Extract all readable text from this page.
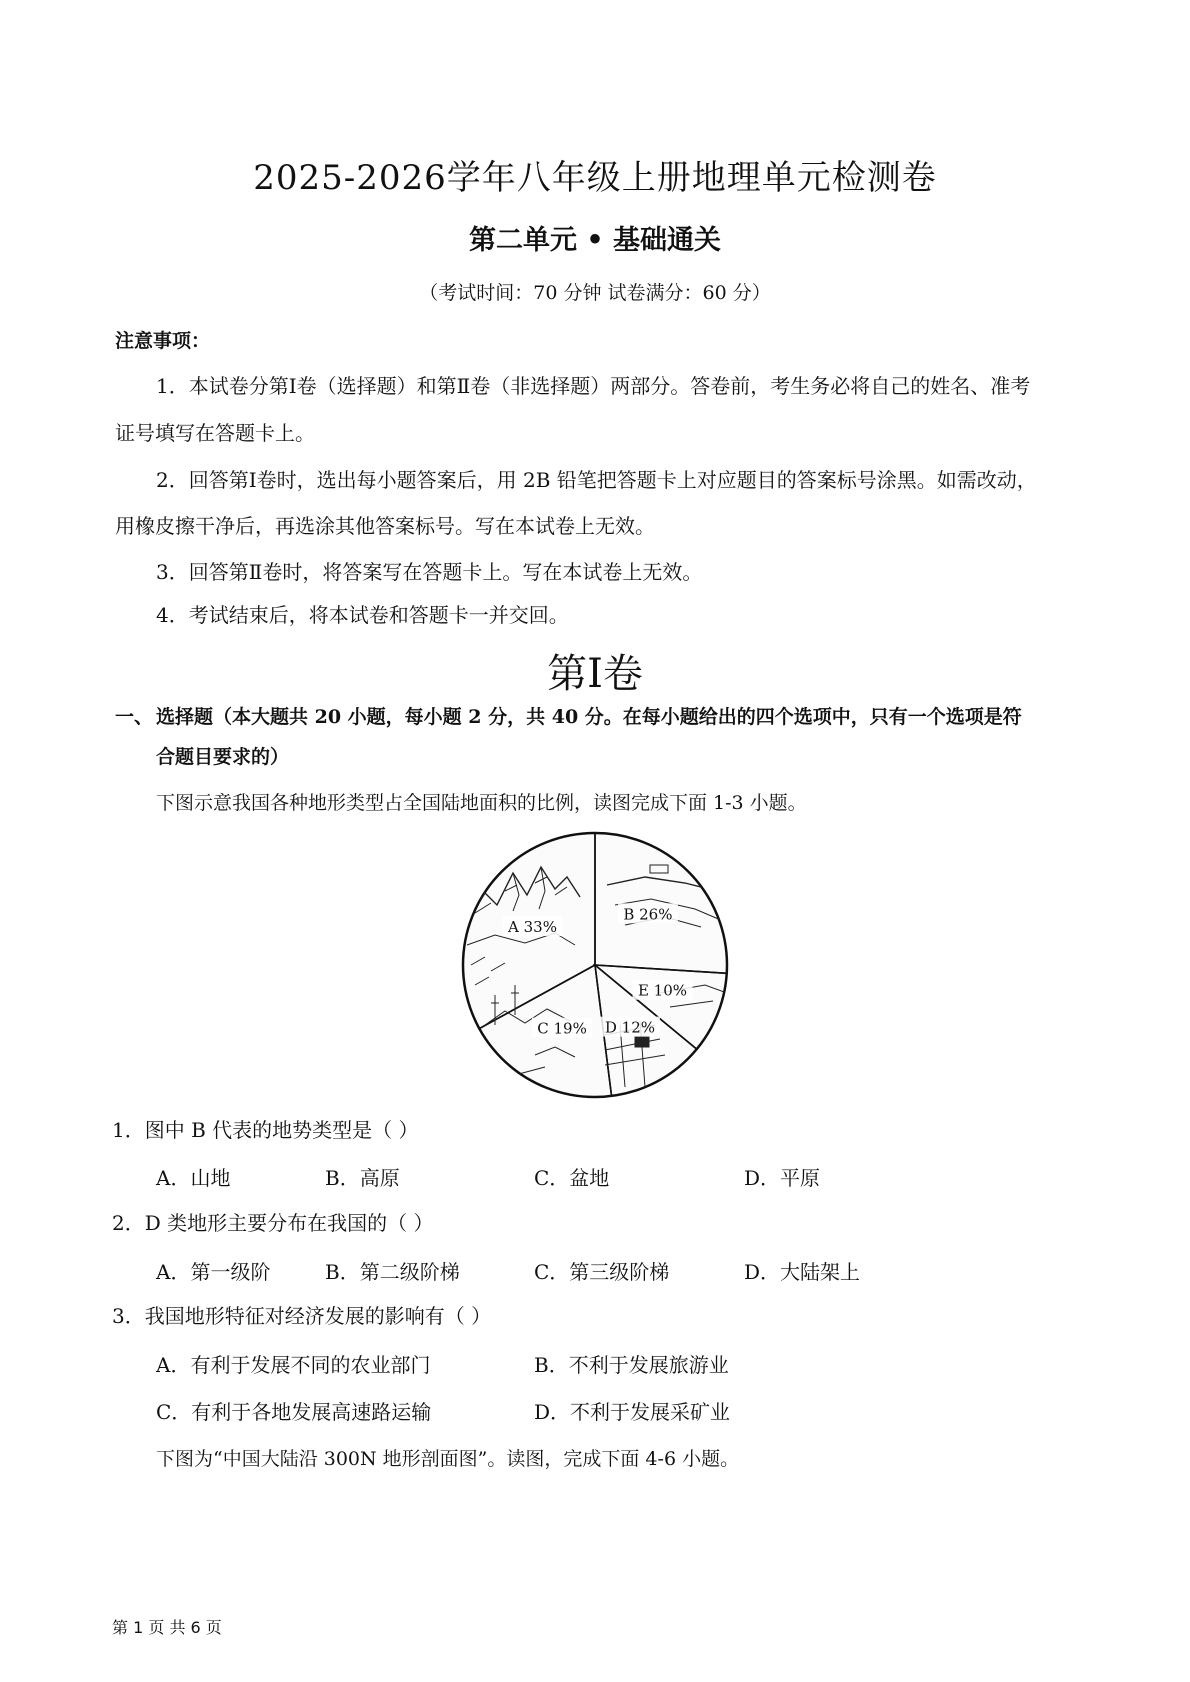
2025-2026学年八年级上册地理单元检测卷
第二单元 • 基础通关
（考试时间：70 分钟 试卷满分：60 分）
注意事项：
1．本试卷分第Ⅰ卷（选择题）和第Ⅱ卷（非选择题）两部分。答卷前，考生务必将自己的姓名、准考
证号填写在答题卡上。
2．回答第Ⅰ卷时，选出每小题答案后，用 2B 铅笔把答题卡上对应题目的答案标号涂黑。如需改动，
用橡皮擦干净后，再选涂其他答案标号。写在本试卷上无效。
3．回答第Ⅱ卷时，将答案写在答题卡上。写在本试卷上无效。
4．考试结束后，将本试卷和答题卡一并交回。
第Ⅰ卷
一、 选择题（本大题共 20 小题，每小题 2 分，共 40 分。在每小题给出的四个选项中，只有一个选项是符
合题目要求的）
下图示意我国各种地形类型占全国陆地面积的比例，读图完成下面 1-3 小题。
B 26%
E 10%
D 12%
C 19%
A 33%
1．图中 B 代表的地势类型是（ ）
A．山地	B．高原	C．盆地	D．平原
2．D 类地形主要分布在我国的（ ）
A．第一级阶	B．第二级阶梯	C．第三级阶梯	D．大陆架上
3．我国地形特征对经济发展的影响有（ ）
A．有利于发展不同的农业部门	B．不利于发展旅游业
C．有利于各地发展高速路运输	D．不利于发展采矿业
下图为“中国大陆沿 300N 地形剖面图”。读图，完成下面 4-6 小题。
第 1 页 共 6 页
